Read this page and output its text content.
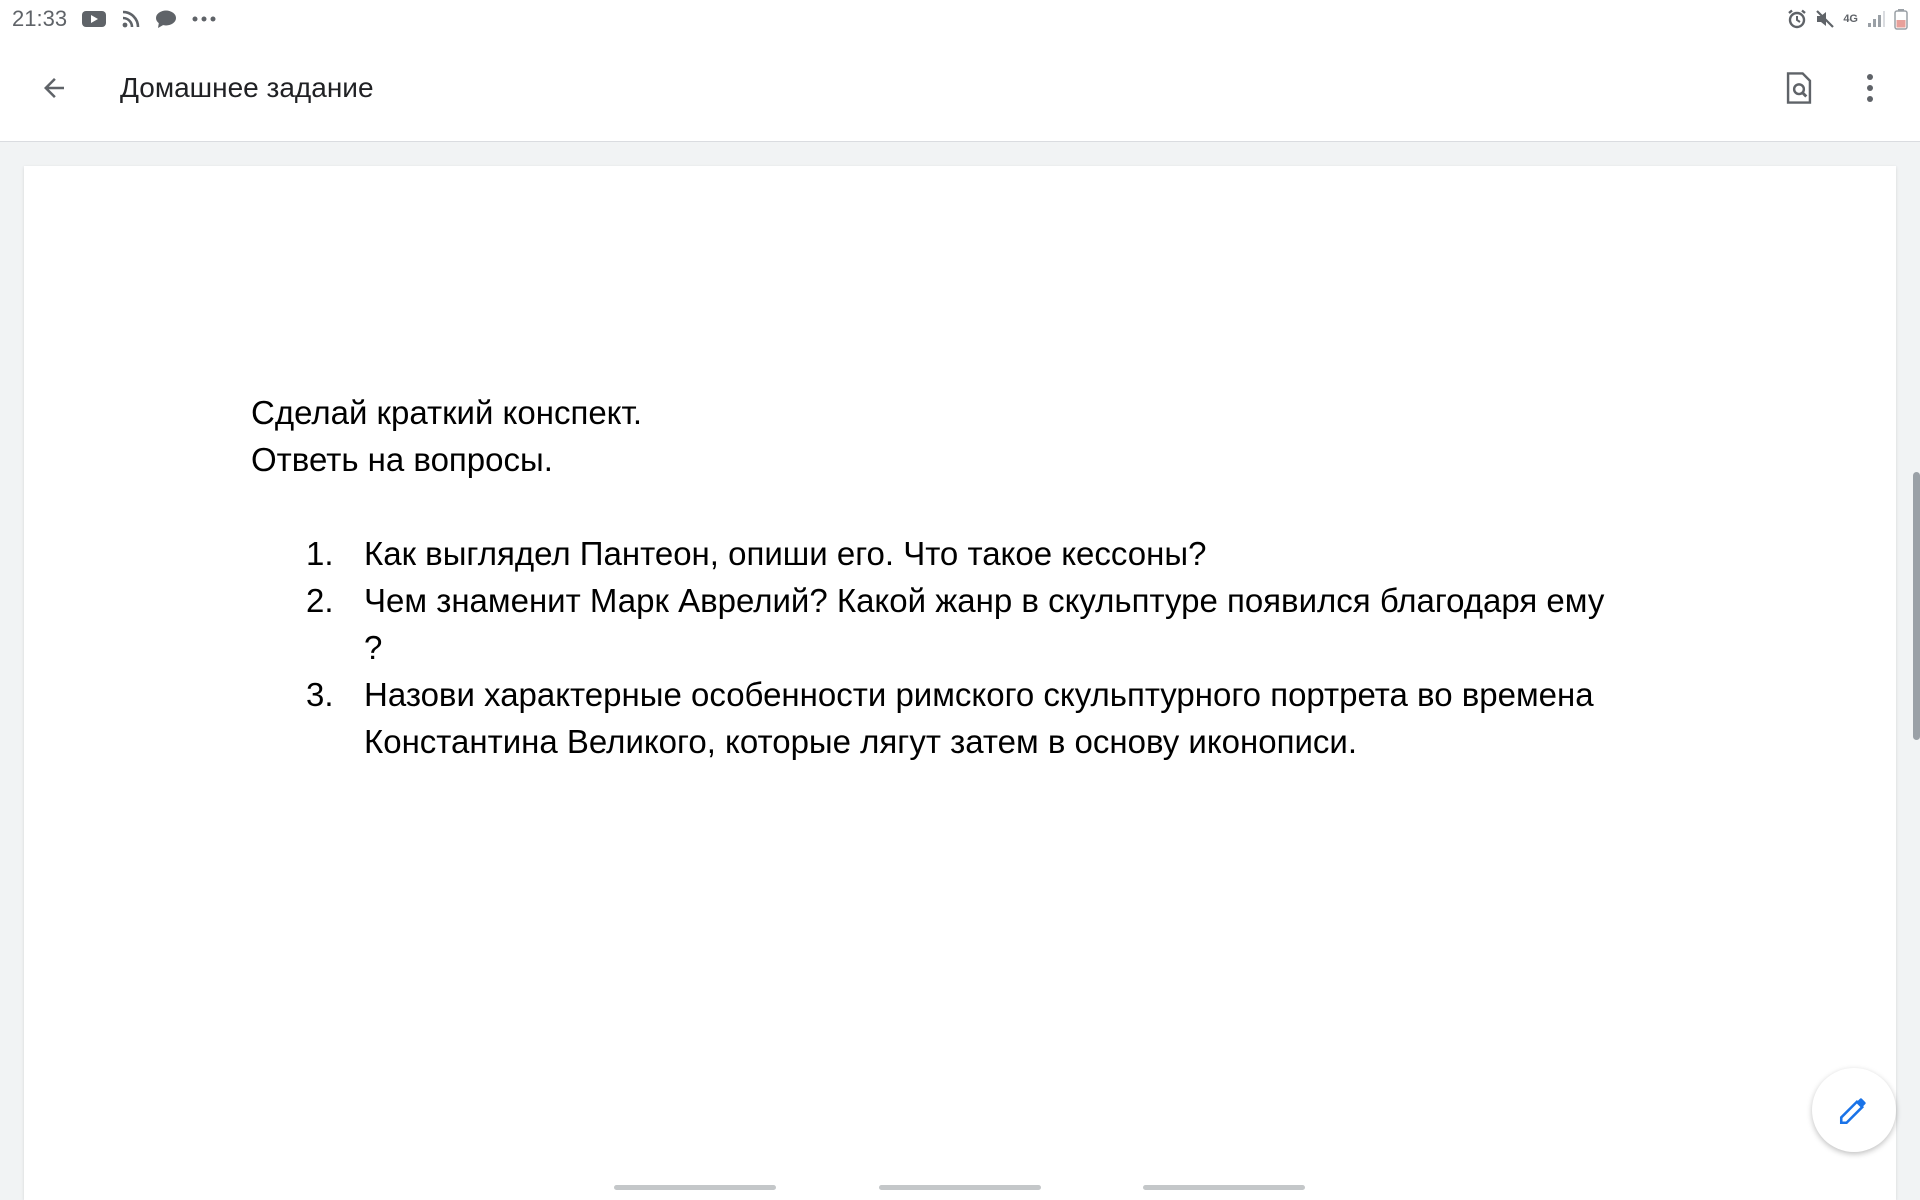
21:33	4G
Домашнее задание
Сделай краткий конспект.
Ответь на вопросы.
1. Как выглядел Пантеон, опиши его. Что такое кессоны?
2. Чем знаменит Марк Аврелий? Какой жанр в скульптуре появился благодаря ему
?
3. Назови характерные особенности римского скульптурного портрета во времена
Константина Великого, которые лягут затем в основу иконописи.
